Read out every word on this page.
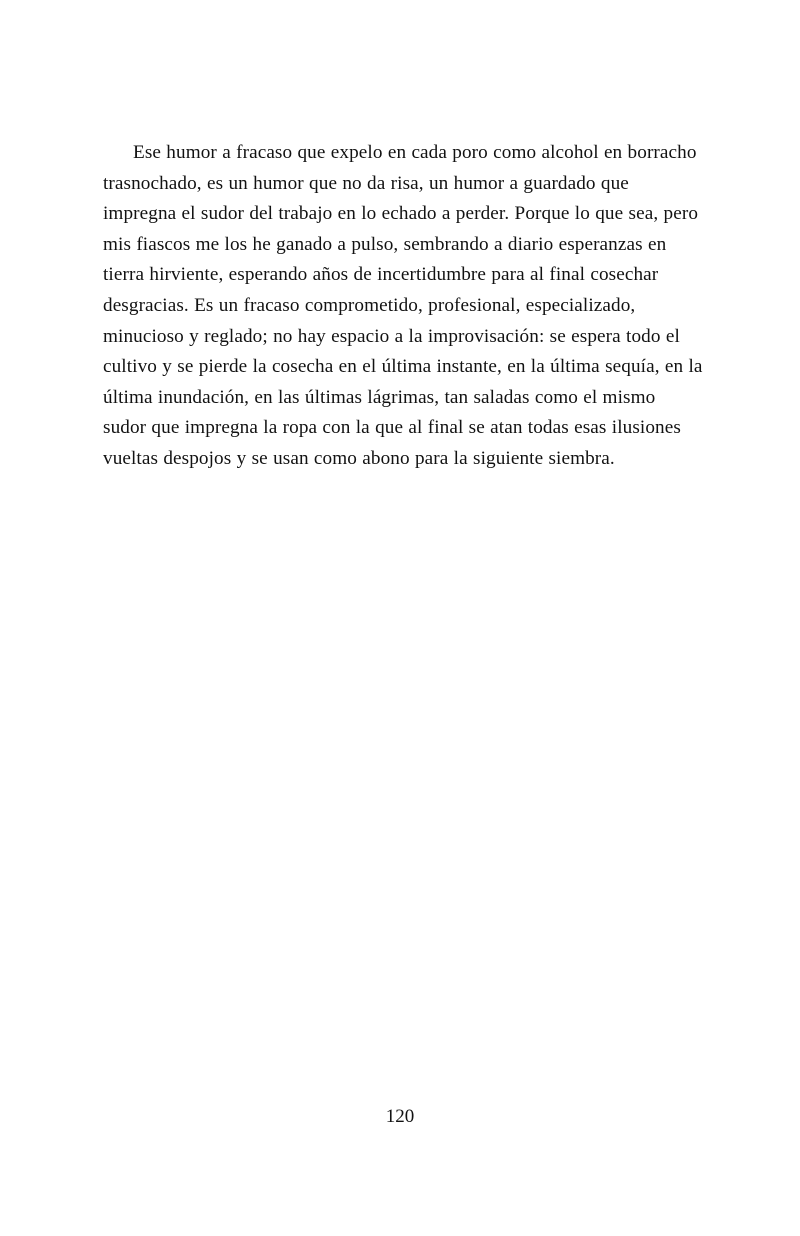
Ese humor a fracaso que expelo en cada poro como alcohol en borracho trasnochado, es un humor que no da risa, un humor a guardado que impregna el sudor del trabajo en lo echado a perder. Porque lo que sea, pero mis fiascos me los he ganado a pulso, sembrando a diario esperanzas en tierra hirviente, esperando años de incertidumbre para al final cosechar desgracias. Es un fracaso comprometido, profesional, especializado, minucioso y reglado; no hay espacio a la improvisación: se espera todo el cultivo y se pierde la cosecha en el última instante, en la última sequía, en la última inundación, en las últimas lágrimas, tan saladas como el mismo sudor que impregna la ropa con la que al final se atan todas esas ilusiones vueltas despojos y se usan como abono para la siguiente siembra.

120
